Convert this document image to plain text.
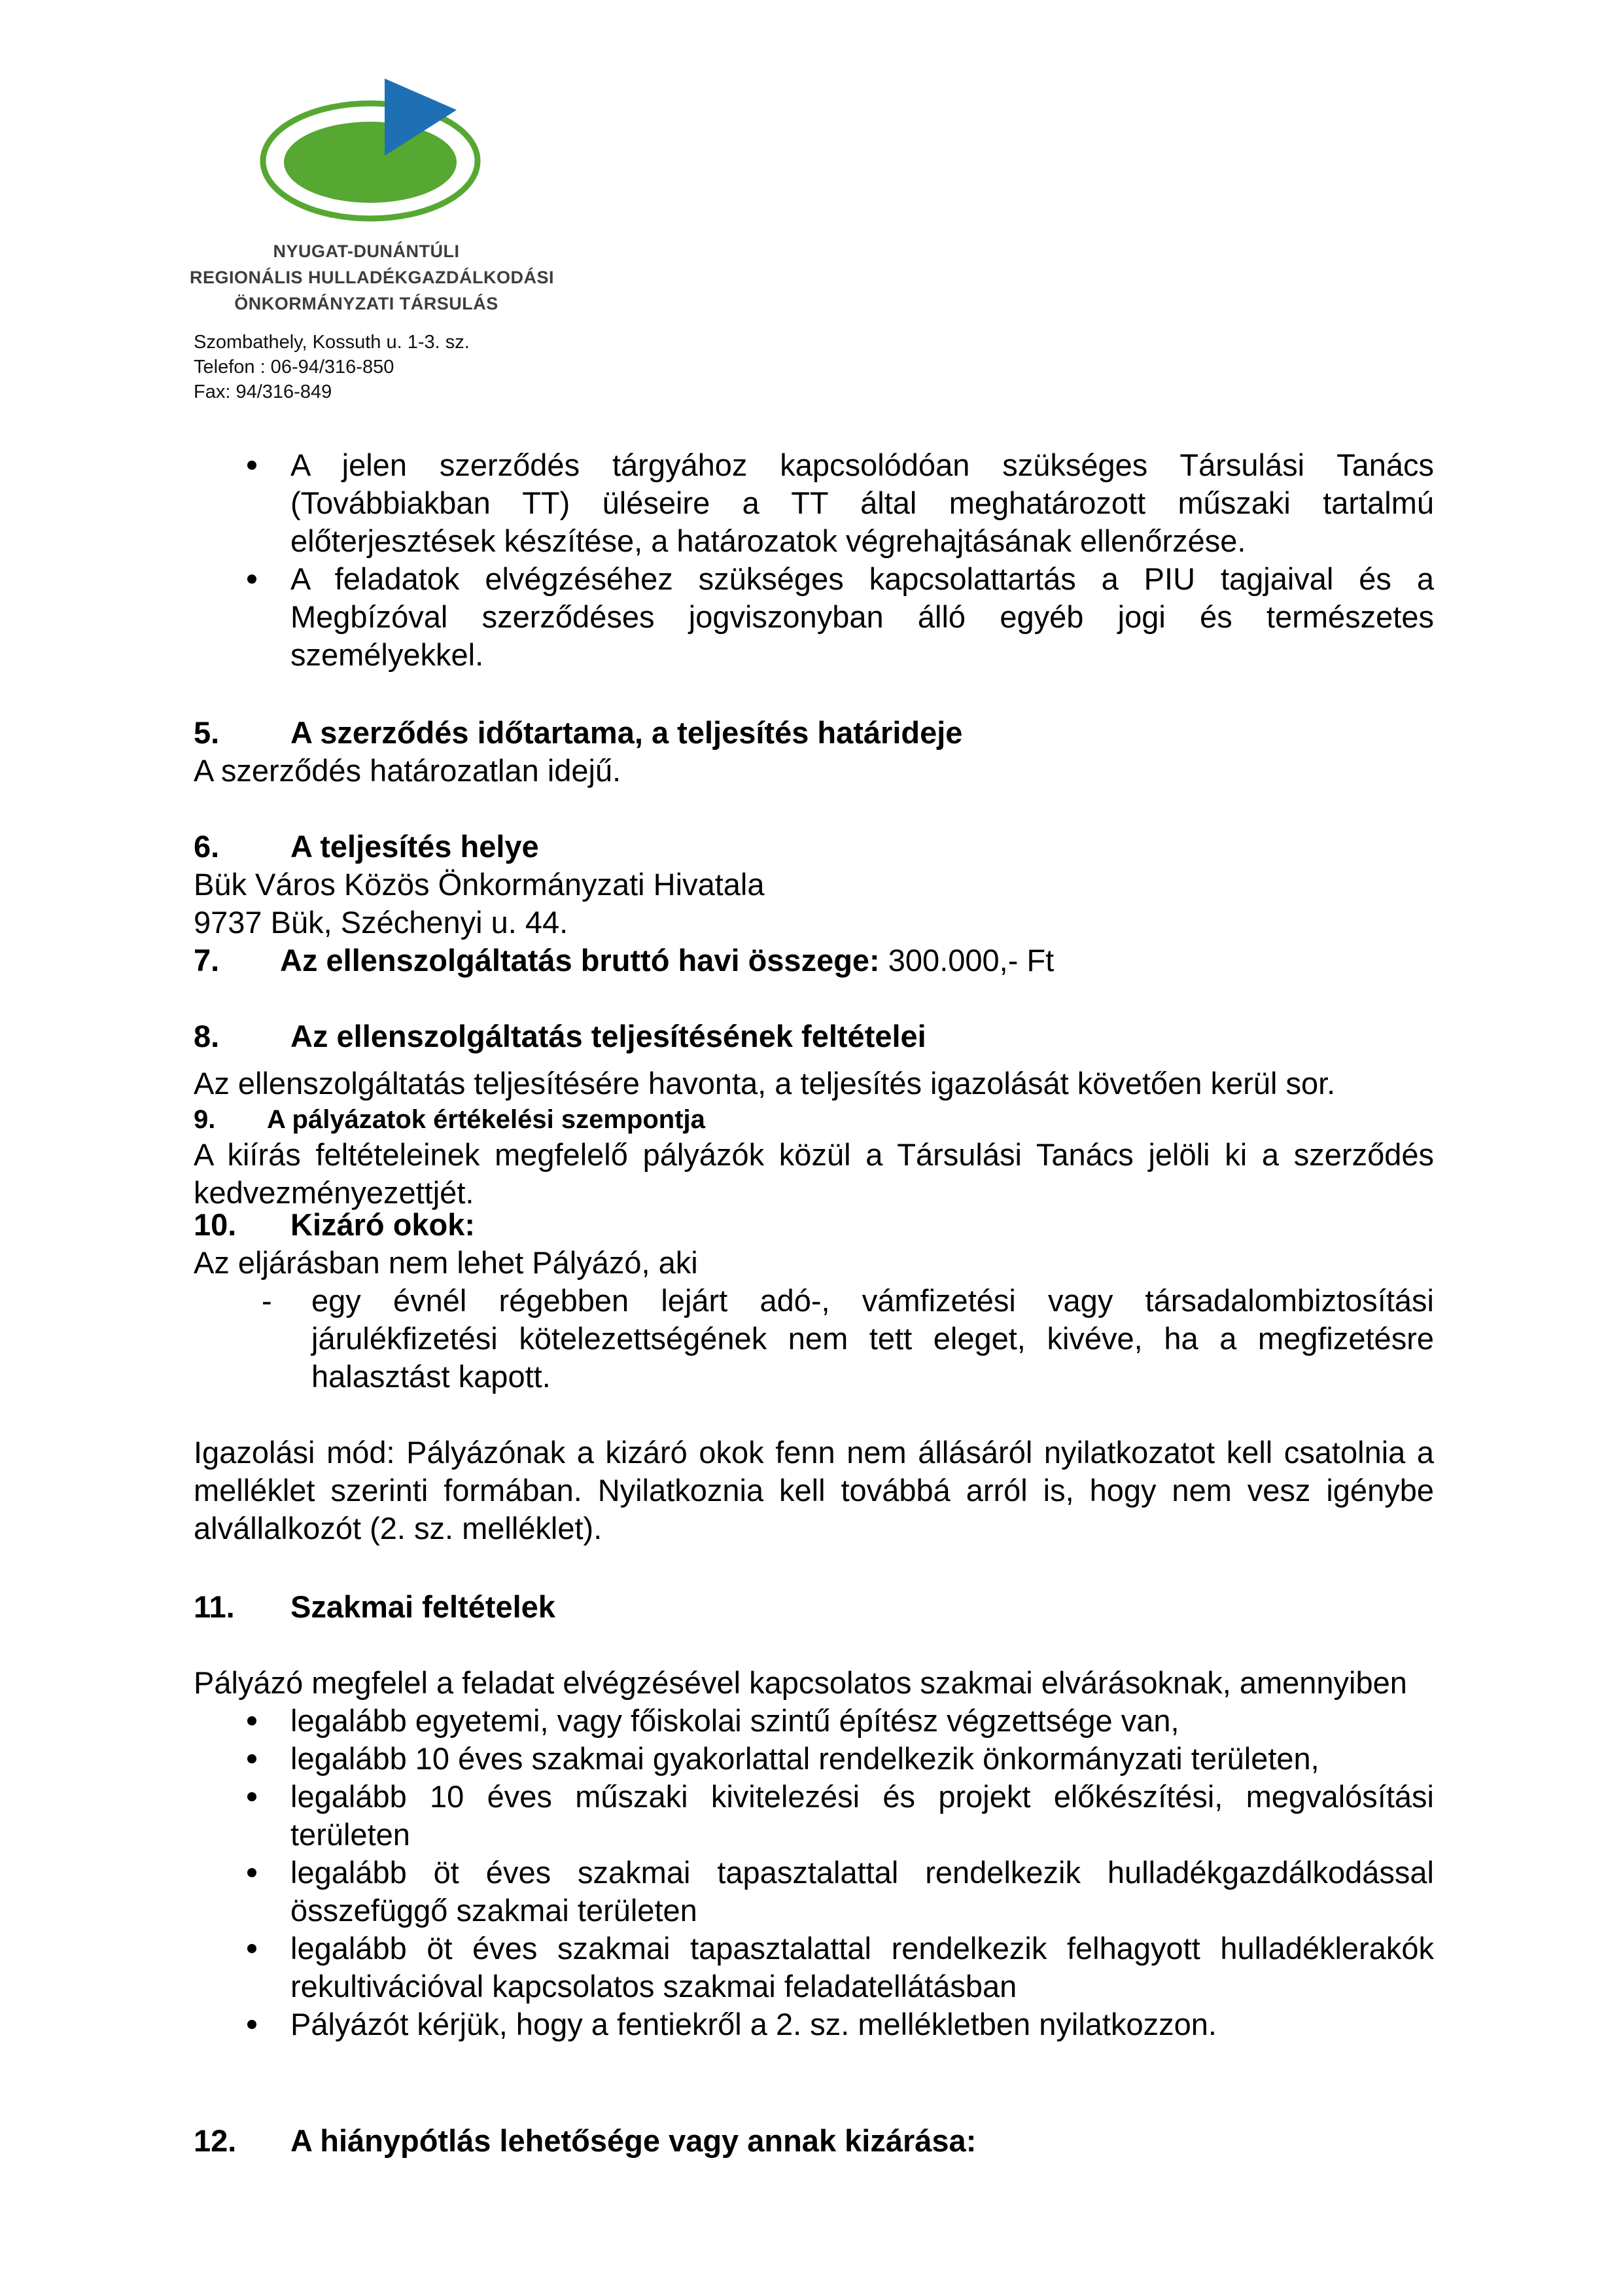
NYUGAT-DUNÁNTÚLI
REGIONÁLIS HULLADÉKGAZDÁLKODÁSI
ÖNKORMÁNYZATI TÁRSULÁS
Szombathely, Kossuth u. 1-3. sz.
Telefon : 06-94/316-850
Fax: 94/316-849
A jelen szerződés tárgyához kapcsolódóan szükséges Társulási Tanács (Továbbiakban TT) üléseire a TT által meghatározott műszaki tartalmú előterjesztések készítése, a határozatok végrehajtásának ellenőrzése.
A feladatok elvégzéséhez szükséges kapcsolattartás a PIU tagjaival és a Megbízóval szerződéses jogviszonyban álló egyéb jogi és természetes személyekkel.
5. A szerződés időtartama, a teljesítés határideje
A szerződés határozatlan idejű.
6. A teljesítés helye
Bük Város Közös Önkormányzati Hivatala
9737 Bük, Széchenyi u. 44.
7. Az ellenszolgáltatás bruttó havi összege: 300.000,- Ft
8. Az ellenszolgáltatás teljesítésének feltételei
Az ellenszolgáltatás teljesítésére havonta, a teljesítés igazolását követően kerül sor.
9. A pályázatok értékelési szempontja
A kiírás feltételeinek megfelelő pályázók közül a Társulási Tanács jelöli ki a szerződés kedvezményezettjét.
10. Kizáró okok:
Az eljárásban nem lehet Pályázó, aki
- egy évnél régebben lejárt adó-, vámfizetési vagy társadalombiztosítási járulékfizetési kötelezettségének nem tett eleget, kivéve, ha a megfizetésre halasztást kapott.
Igazolási mód: Pályázónak a kizáró okok fenn nem állásáról nyilatkozatot kell csatolnia a melléklet szerinti formában. Nyilatkoznia kell továbbá arról is, hogy nem vesz igénybe alvállalkozót (2. sz. melléklet).
11. Szakmai feltételek
Pályázó megfelel a feladat elvégzésével kapcsolatos szakmai elvárásoknak, amennyiben
legalább egyetemi, vagy főiskolai szintű építész végzettsége van,
legalább 10 éves szakmai gyakorlattal rendelkezik önkormányzati területen,
legalább 10 éves műszaki kivitelezési és projekt előkészítési, megvalósítási területen
legalább öt éves szakmai tapasztalattal rendelkezik hulladékgazdálkodással összefüggő szakmai területen
legalább öt éves szakmai tapasztalattal rendelkezik felhagyott hulladéklerakók rekultivációval kapcsolatos szakmai feladatellátásban
Pályázót kérjük, hogy a fentiekről a 2. sz. mellékletben nyilatkozzon.
12. A hiánypótlás lehetősége vagy annak kizárása:
